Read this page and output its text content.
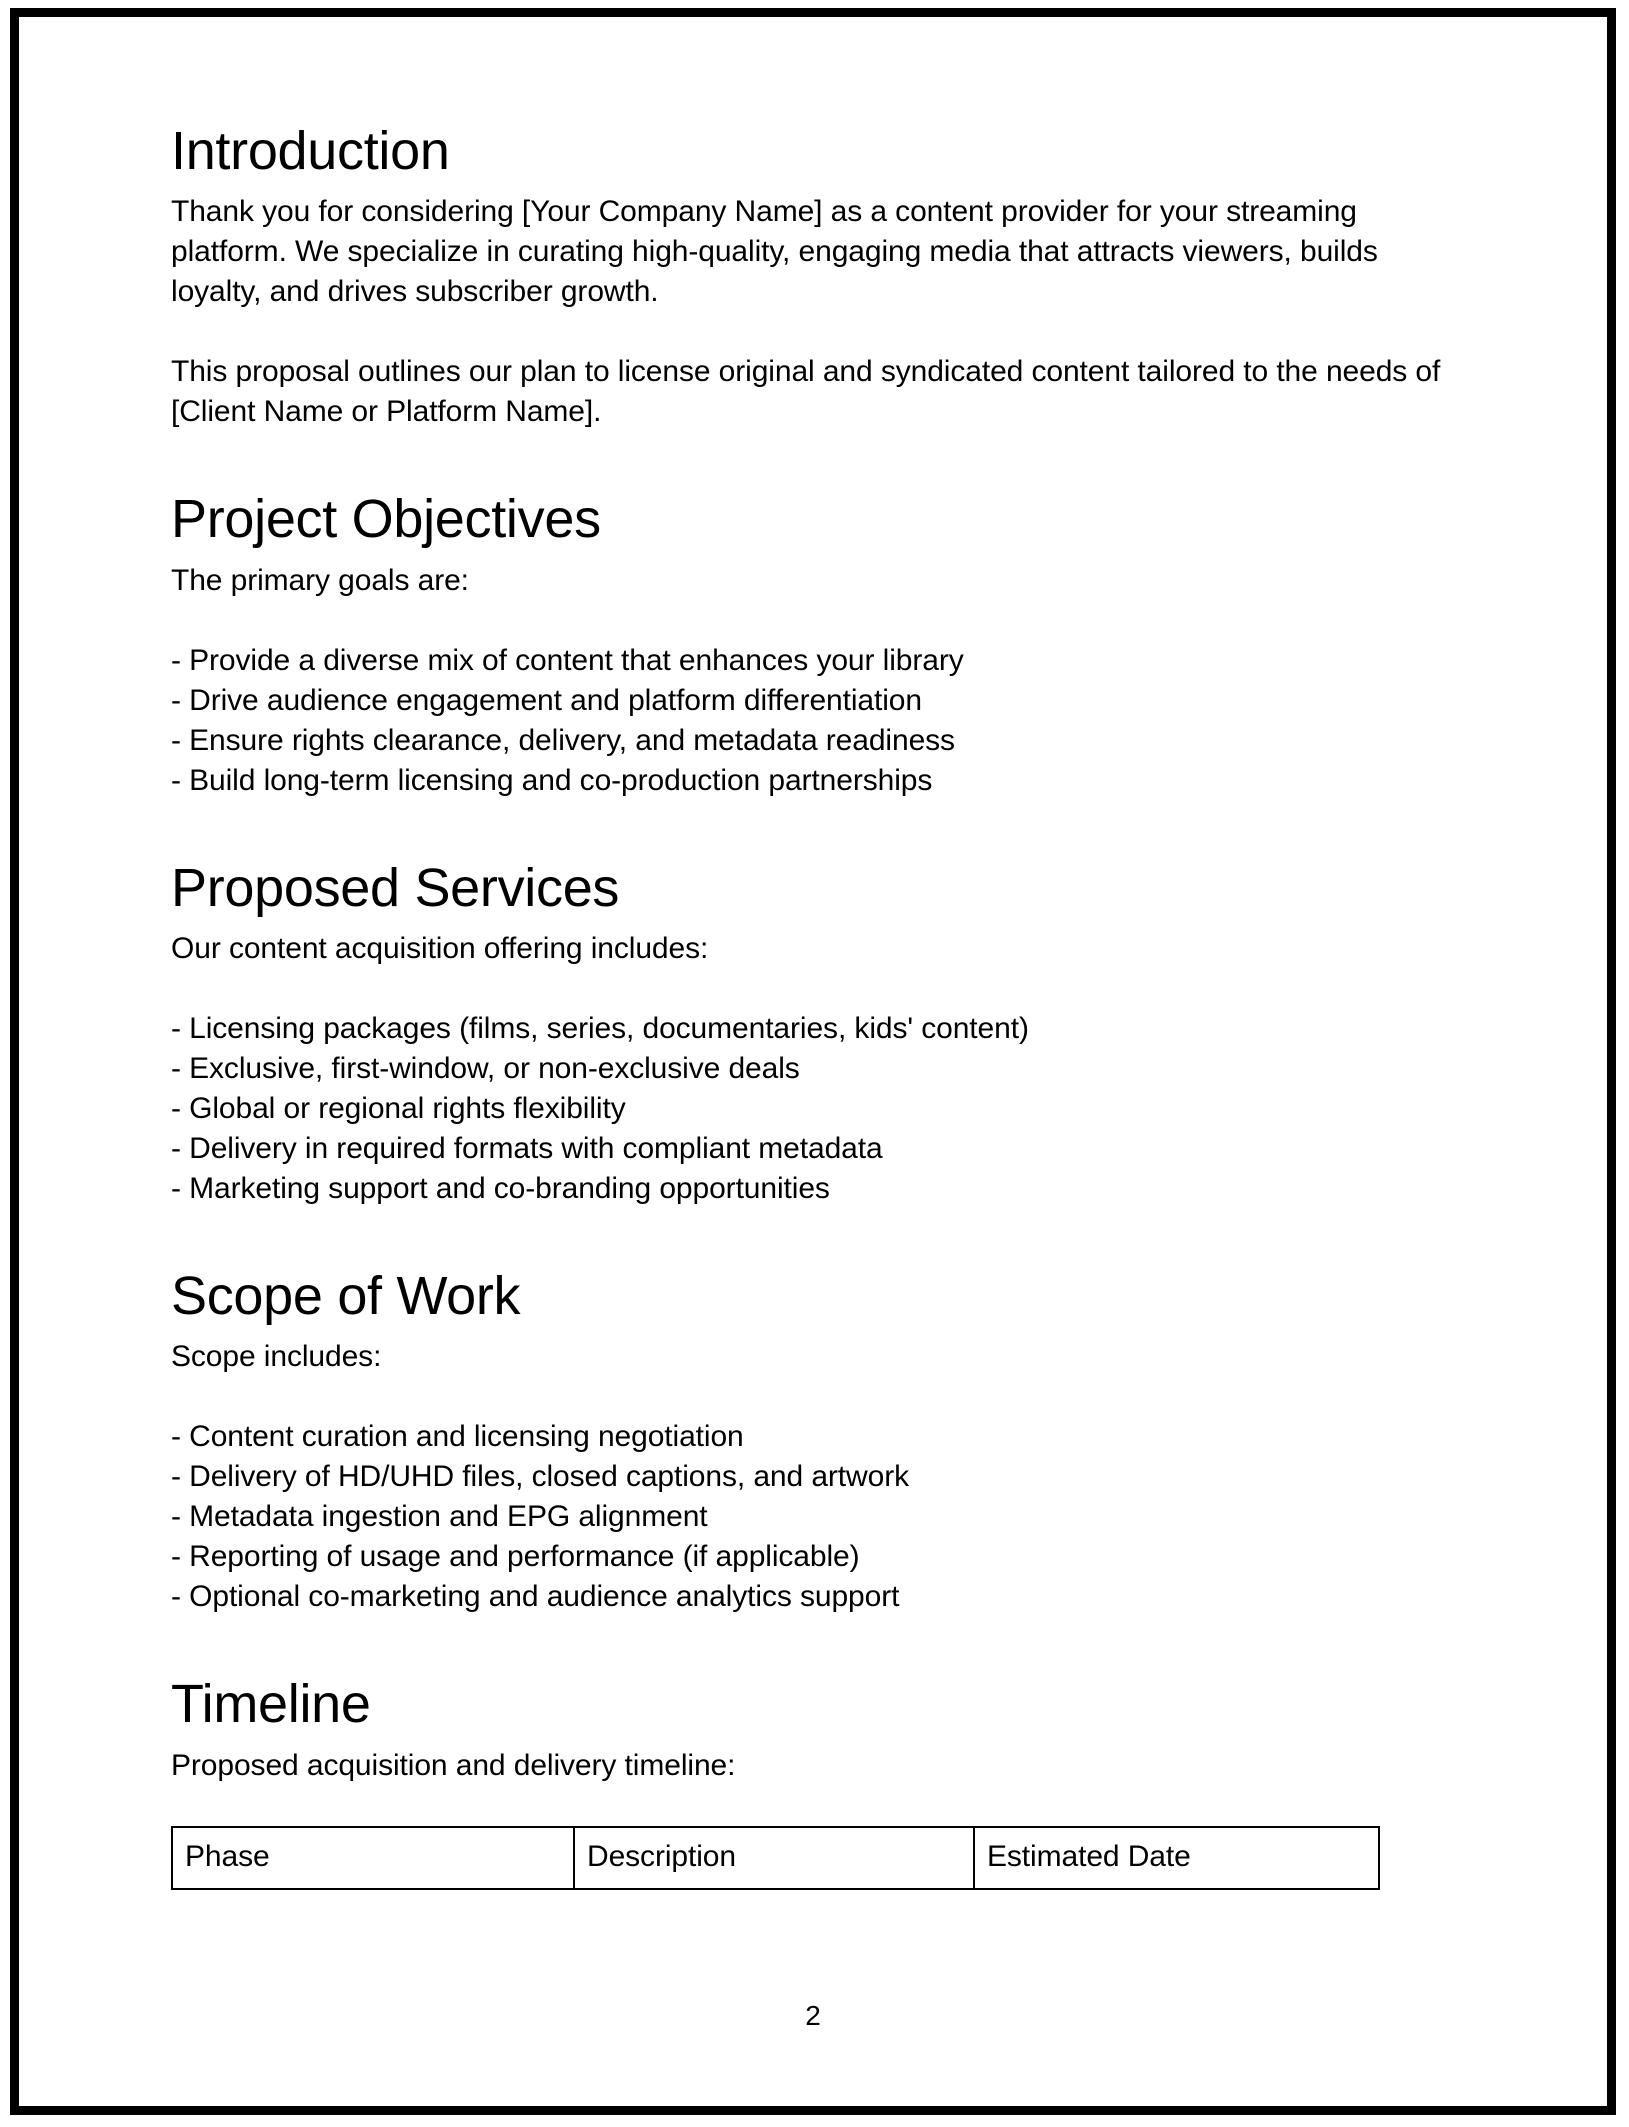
Introduction

Thank you for considering [Your Company Name] as a content provider for your streaming platform. We specialize in curating high-quality, engaging media that attracts viewers, builds loyalty, and drives subscriber growth.

This proposal outlines our plan to license original and syndicated content tailored to the needs of [Client Name or Platform Name].

Project Objectives

The primary goals are:

- Provide a diverse mix of content that enhances your library
- Drive audience engagement and platform differentiation
- Ensure rights clearance, delivery, and metadata readiness
- Build long-term licensing and co-production partnerships
Proposed Services

Our content acquisition offering includes:

- Licensing packages (films, series, documentaries, kids' content)
- Exclusive, first-window, or non-exclusive deals
- Global or regional rights flexibility
- Delivery in required formats with compliant metadata
- Marketing support and co-branding opportunities
Scope of Work

Scope includes:

- Content curation and licensing negotiation
- Delivery of HD/UHD files, closed captions, and artwork
- Metadata ingestion and EPG alignment
- Reporting of usage and performance (if applicable)
- Optional co-marketing and audience analytics support
Timeline

Proposed acquisition and delivery timeline:

Phase	Description	Estimated Date
2
